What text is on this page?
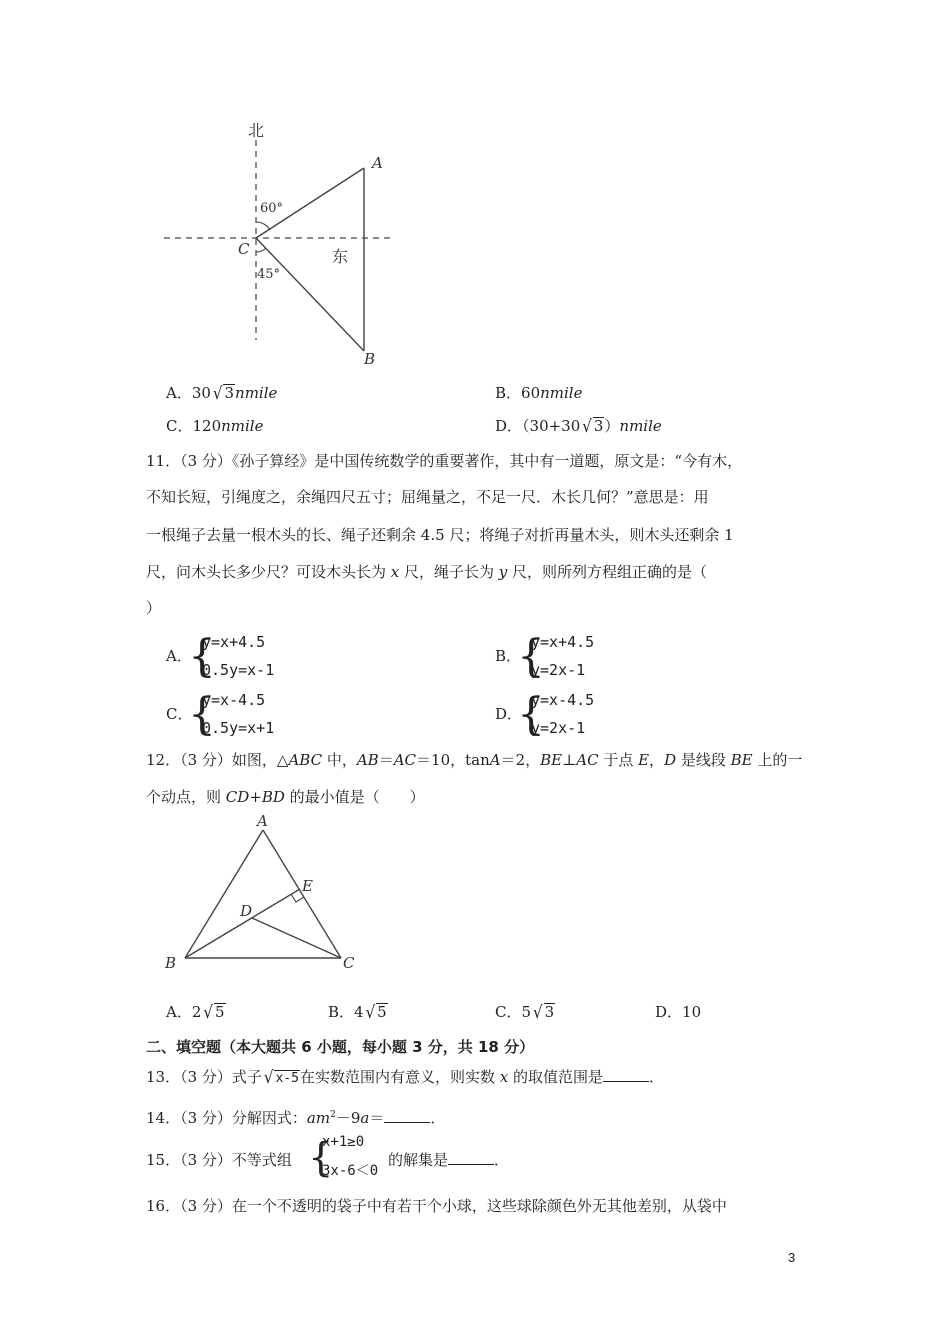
北
A
C
B
60°
45°
东
A．30 √ 3nmile	B．60nmile
C．120nmile	D．（30+30 √ 3）nmile
11．（3 分）《孙子算经》是中国传统数学的重要著作，其中有一道题，原文是：“今有木，
不知长短，引绳度之，余绳四尺五寸；屈绳量之，不足一尺．木长几何？”意思是：用
一根绳子去量一根木头的长、绳子还剩余 4.5 尺；将绳子对折再量木头，则木头还剩余 1
尺，问木头长多少尺？可设木头长为 x 尺，绳子长为 y 尺，则所列方程组正确的是（
）
A．
{
y=x+4.5
0.5y=x-1
B．
{
y=x+4.5
y=2x-1
C．
{
y=x-4.5
0.5y=x+1
D．
{
y=x-4.5
y=2x-1
12．（3 分）如图，△ABC 中，AB＝AC＝10，tanA＝2，BE⊥AC 于点 E，D 是线段 BE 上的一
个动点，则 CD+BD 的最小值是（　　）
A
B	C
D
E
A．2 √ 5	B．4 √ 5	C．5 √ 3	D．10
二、填空题（本大题共 6 小题，每小题 3 分，共 18 分）
13．（3 分）式子 √ x-5在实数范围内有意义，则实数 x 的取值范围是	．
14．（3 分）分解因式：$am^2-9a=$	．
15．（3 分）不等式组 {
x+1≥0
3x-6＜0
的解集是	．
16．（3 分）在一个不透明的袋子中有若干个小球，这些球除颜色外无其他差别，从袋中
3
